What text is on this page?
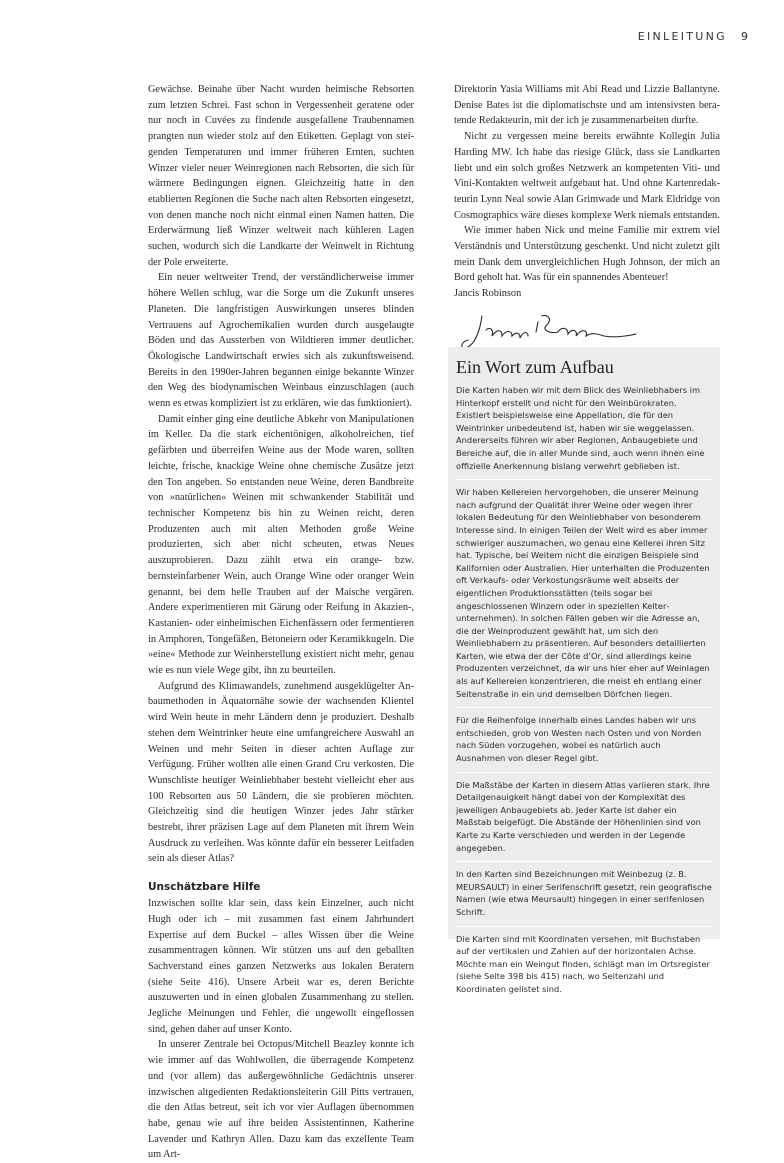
EINLEITUNG 9

Gewächse. Beinahe über Nacht wurden heimische Rebsorten zum letzten Schrei. Fast schon in Vergessenheit geratene oder nur noch in Cuvées zu findende ausgefallene Traubennamen prangten nun wieder stolz auf den Etiketten. Geplagt von steigenden Temperaturen und immer früheren Ernten, suchten Winzer vieler neuer Weinregionen nach Rebsorten, die sich für wärmere Bedingungen eignen. Gleichzeitig hatte in den etablierten Regionen die Suche nach alten Rebsorten eingesetzt, von denen manche noch nicht einmal einen Namen hatten. Die Erderwärmung ließ Winzer weltweit nach kühleren Lagen suchen, wodurch sich die Landkarte der Weinwelt in Richtung der Pole erweiterte.

Ein neuer weltweiter Trend, der verständlicherweise immer höhere Wellen schlug, war die Sorge um die Zukunft unseres Planeten. Die langfristigen Auswirkungen unseres blinden Vertrauens auf Agrochemikalien wurden durch ausgelaugte Böden und das Aussterben von Wildtieren immer deutlicher. Ökologische Landwirtschaft erwies sich als zukunftsweisend. Bereits in den 1990er-Jahren begannen einige bekannte Winzer den Weg des biodynamischen Weinbaus einzuschlagen (auch wenn es etwas kompliziert ist zu erklären, wie das funktioniert).

Damit einher ging eine deutliche Abkehr von Manipulationen im Keller. Da die stark eichentönigen, alkoholreichen, tief gefärbten und überreifen Weine aus der Mode waren, sollten leichte, frische, knackige Weine ohne chemische Zusätze jetzt den Ton angeben. So entstanden neue Weine, deren Bandbreite von »natürlichen« Weinen mit schwankender Stabilität und technischer Kompetenz bis hin zu Weinen reicht, deren Produzenten auch mit alten Methoden große Weine produzierten, sich aber nicht scheuten, etwas Neues auszuprobieren. Dazu zählt etwa ein orange- bzw. bernsteinfarbener Wein, auch Orange Wine oder oranger Wein genannt, bei dem helle Trauben auf der Maische vergären. Andere experimentieren mit Gärung oder Reifung in Akazien-, Kastanien- oder einheimischen Eichenfässern oder fermentieren in Amphoren, Tongefäßen, Betoneiern oder Keramikkugeln. Die »eine« Methode zur Weinherstellung existiert nicht mehr, genau wie es nun viele Wege gibt, ihn zu beurteilen.

Aufgrund des Klimawandels, zunehmend ausgeklügelter Anbaumethoden in Äquatornähe sowie der wachsenden Klientel wird Wein heute in mehr Ländern denn je produziert. Deshalb stehen dem Weintrinker heute eine umfangreichere Auswahl an Weinen und mehr Seiten in dieser achten Auflage zur Verfügung. Früher wollten alle einen Grand Cru verkosten. Die Wunschliste heutiger Weinliebhaber besteht vielleicht eher aus 100 Rebsorten aus 50 Ländern, die sie probieren möchten. Gleichzeitig sind die heutigen Winzer jedes Jahr stärker bestrebt, ihrer präzisen Lage auf dem Planeten mit ihrem Wein Ausdruck zu verleihen. Was könnte dafür ein besserer Leitfaden sein als dieser Atlas?

Unschätzbare Hilfe

Inzwischen sollte klar sein, dass kein Einzelner, auch nicht Hugh oder ich – mit zusammen fast einem Jahrhundert Expertise auf dem Buckel – alles Wissen über die Weine zusammentragen können. Wir stützen uns auf den geballten Sachverstand eines ganzen Netzwerks aus lokalen Beratern (siehe Seite 416). Unsere Arbeit war es, deren Berichte auszuwerten und in einen globalen Zusammenhang zu stellen. Jegliche Meinungen und Fehler, die ungewollt eingeflossen sind, gehen daher auf unser Konto.

In unserer Zentrale bei Octopus/Mitchell Beazley konnte ich wie immer auf das Wohlwollen, die überragende Kompetenz und (vor allem) das außergewöhnliche Gedächtnis unserer inzwischen altgedienten Redaktionsleiterin Gill Pitts vertrauen, die den Atlas betreut, seit ich vor vier Auflagen übernommen habe, genau wie auf ihre beiden Assistentinnen, Katherine Lavender und Kathryn Allen. Dazu kam das exzellente Team um Art-

Direktorin Yasia Williams mit Abi Read und Lizzie Ballantyne. Denise Bates ist die diplomatischste und am intensivsten beratende Redakteurin, mit der ich je zusammenarbeiten durfte.

Nicht zu vergessen meine bereits erwähnte Kollegin Julia Harding MW. Ich habe das riesige Glück, dass sie Landkarten liebt und ein solch großes Netzwerk an kompetenten Viti- und Vini-Kontakten weltweit aufgebaut hat. Und ohne Kartenredakteurin Lynn Neal sowie Alan Grimwade und Mark Eldridge von Cosmographics wäre dieses komplexe Werk niemals entstanden.

Wie immer haben Nick und meine Familie mir extrem viel Verständnis und Unterstützung geschenkt. Und nicht zuletzt gilt mein Dank dem unvergleichlichen Hugh Johnson, der mich an Bord geholt hat. Was für ein spannendes Abenteuer!

Jancis Robinson

Ein Wort zum Aufbau

Die Karten haben wir mit dem Blick des Weinliebhabers im Hinterkopf erstellt und nicht für den Weinbürokraten. Existiert beispielsweise eine Appellation, die für den Weintrinker unbedeutend ist, haben wir sie weggelassen. Andererseits führen wir aber Regionen, Anbaugebiete und Bereiche auf, die in aller Munde sind, auch wenn ihnen eine offizielle Anerkennung bislang verwehrt geblieben ist.

Wir haben Kellereien hervorgehoben, die unserer Meinung nach aufgrund der Qualität ihrer Weine oder wegen ihrer lokalen Bedeutung für den Weinliebhaber von besonderem Interesse sind. In einigen Teilen der Welt wird es aber immer schwieriger auszumachen, wo genau eine Kellerei ihren Sitz hat. Typische, bei Weitem nicht die einzigen Beispiele sind Kalifornien oder Australien. Hier unterhalten die Produzenten oft Verkaufs- oder Verkostungsräume weit abseits der eigentlichen Produktionsstätten (teils sogar bei angeschlossenen Winzern oder in speziellen Kelterunternehmen). In solchen Fällen geben wir die Adresse an, die der Weinproduzent gewählt hat, um sich den Weinliebhabern zu präsentieren. Auf besonders detaillierten Karten, wie etwa der der Côte d’Or, sind allerdings keine Produzenten verzeichnet, da wir uns hier eher auf Weinlagen als auf Kellereien konzentrieren, die meist eh entlang einer Seitenstraße in ein und demselben Dörfchen liegen.

Für die Reihenfolge innerhalb eines Landes haben wir uns entschieden, grob von Westen nach Osten und von Norden nach Süden vorzugehen, wobei es natürlich auch Ausnahmen von dieser Regel gibt.

Die Maßstäbe der Karten in diesem Atlas variieren stark. Ihre Detailgenauigkeit hängt dabei von der Komplexität des jeweiligen Anbaugebiets ab. Jeder Karte ist daher ein Maßstab beigefügt. Die Abstände der Höhenlinien sind von Karte zu Karte verschieden und werden in der Legende angegeben.

In den Karten sind Bezeichnungen mit Weinbezug (z. B. MEURSAULT) in einer Serifenschrift gesetzt, rein geografische Namen (wie etwa Meursault) hingegen in einer serifenlosen Schrift.

Die Karten sind mit Koordinaten versehen, mit Buchstaben auf der vertikalen und Zahlen auf der horizontalen Achse. Möchte man ein Weingut finden, schlägt man im Ortsregister (siehe Seite 398 bis 415) nach, wo Seitenzahl und Koordinaten gelistet sind.
